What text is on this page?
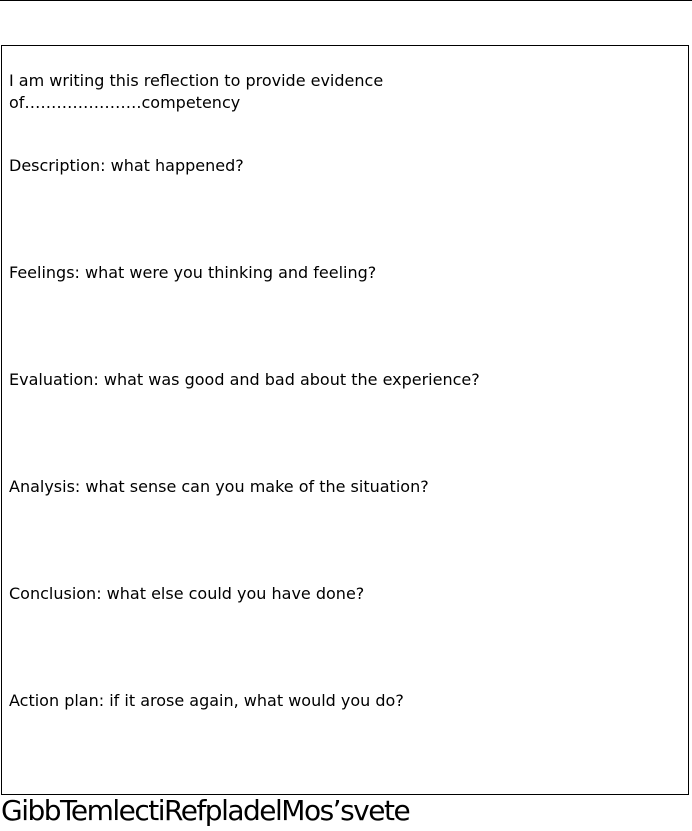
I am writing this reflection to provide evidence
of………………….competency

Description: what happened?

Feelings: what were you thinking and feeling?

Evaluation: what was good and bad about the experience?

Analysis: what sense can you make of the situation?

Conclusion: what else could you have done?

Action plan: if it arose again, what would you do?

GibbTemlectiRefpladelMos’svete
